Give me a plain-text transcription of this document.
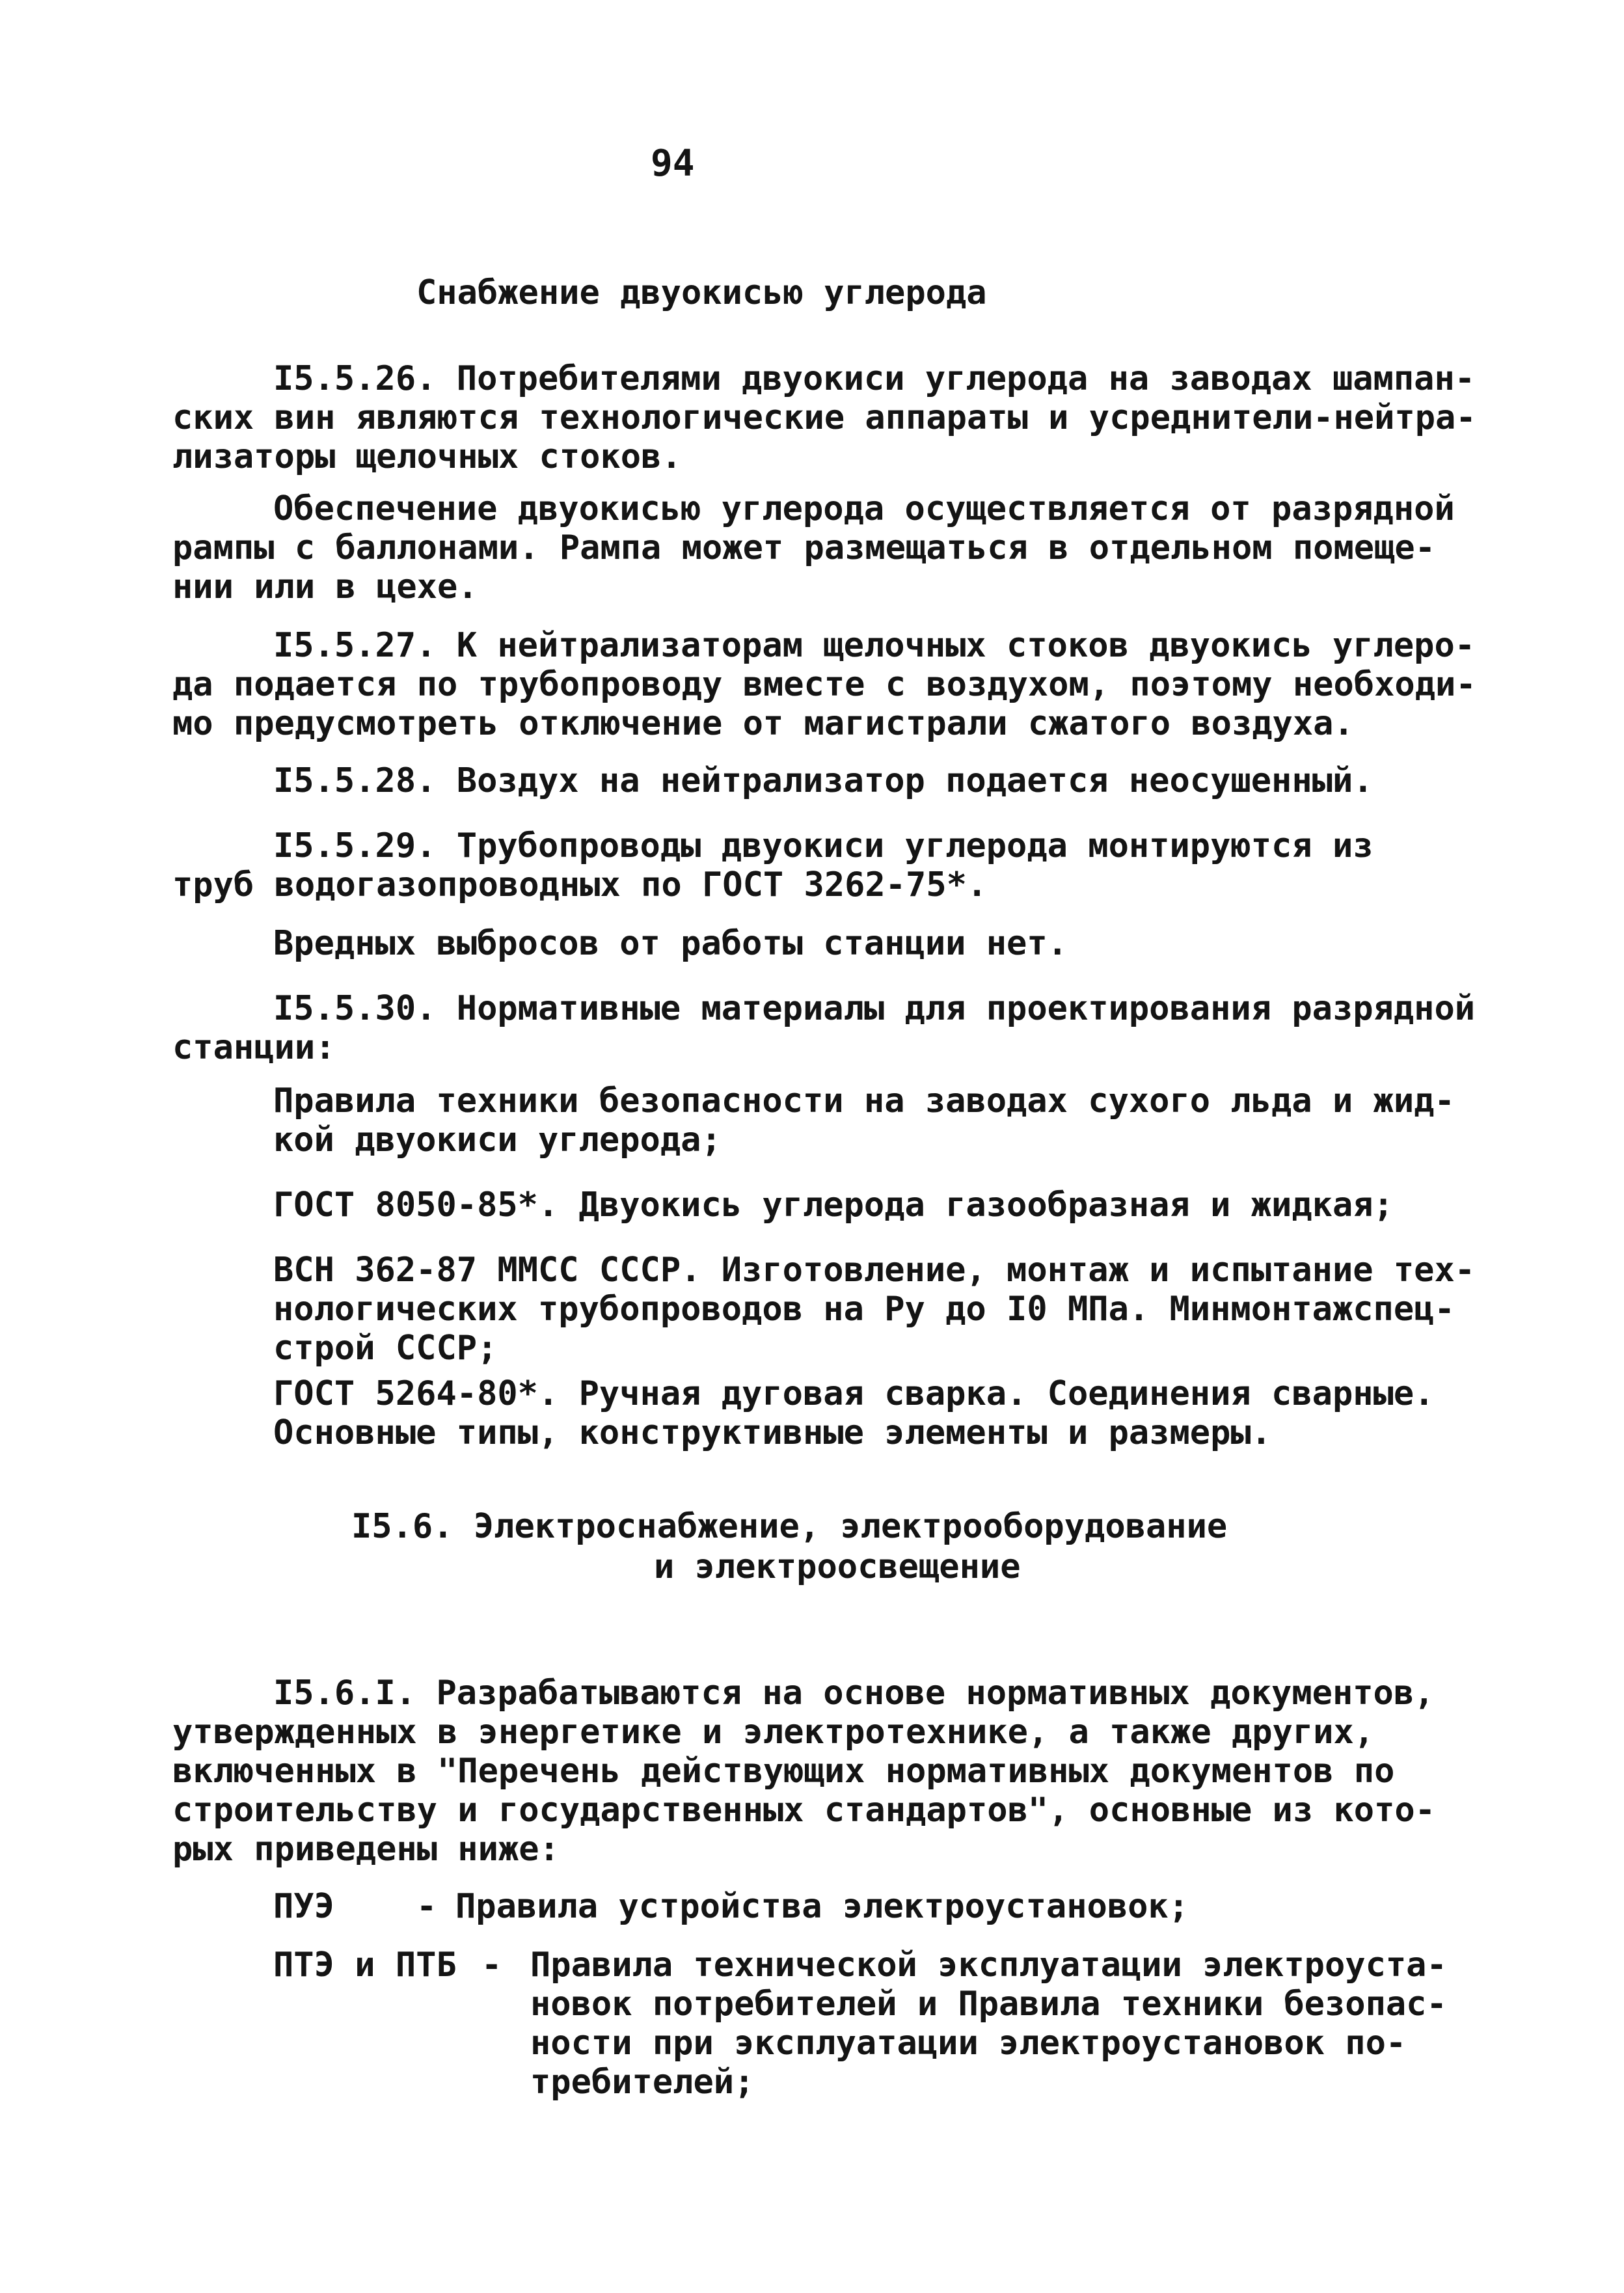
94
Снабжение двуокисью углерода
I5.5.26. Потребителями двуокиси углерода на заводах шампан-
ских вин являются технологические аппараты и усреднители-нейтра-
лизаторы щелочных стоков.
Обеспечение двуокисью углерода осуществляется от разрядной
рампы с баллонами. Рампа может размещаться в отдельном помеще-
нии или в цехе.
I5.5.27. К нейтрализаторам щелочных стоков двуокись углеро-
да подается по трубопроводу вместе с воздухом, поэтому необходи-
мо предусмотреть отключение от магистрали сжатого воздуха.
I5.5.28. Воздух на нейтрализатор подается неосушенный.
I5.5.29. Трубопроводы двуокиси углерода монтируются из
труб водогазопроводных по ГОСТ 3262-75*.
Вредных выбросов от работы станции нет.
I5.5.30. Нормативные материалы для проектирования разрядной
станции:
Правила техники безопасности на заводах сухого льда и жид-
кой двуокиси углерода;
ГОСТ 8050-85*. Двуокись углерода газообразная и жидкая;
ВСН 362-87 ММСС СССР. Изготовление, монтаж и испытание тех-
нологических трубопроводов на Ру до I0 МПа. Минмонтажспец-
строй СССР;
ГОСТ 5264-80*. Ручная дуговая сварка. Соединения сварные.
Основные типы, конструктивные элементы и размеры.
I5.6. Электроснабжение, электрооборудование
и электроосвещение
I5.6.I. Разрабатываются на основе нормативных документов,
утвержденных в энергетике и электротехнике, а также других,
включенных в "Перечень действующих нормативных документов по
строительству и государственных стандартов", основные из кото-
рых приведены ниже:
ПУЭ - Правила устройства электроустановок;
ПТЭ и ПТБ - Правила технической эксплуатации электроуста-
новок потребителей и Правила техники безопас-
ности при эксплуатации электроустановок по-
требителей;
